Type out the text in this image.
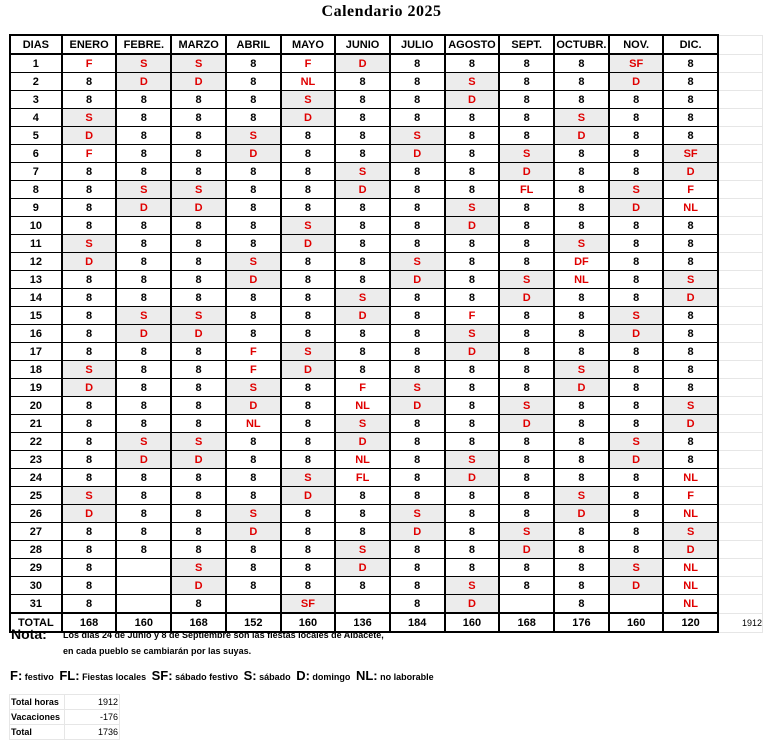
Calendario 2025
DIAS	ENERO	FEBRE.	MARZO	ABRIL	MAYO	JUNIO	JULIO	AGOSTO	SEPT.	OCTUBR.	NOV.	DIC.	
1	F	S	S	8	F	D	8	8	8	8	SF	8	
2	8	D	D	8	NL	8	8	S	8	8	D	8	
3	8	8	8	8	S	8	8	D	8	8	8	8	
4	S	8	8	8	D	8	8	8	8	S	8	8	
5	D	8	8	S	8	8	S	8	8	D	8	8	
6	F	8	8	D	8	8	D	8	S	8	8	SF	
7	8	8	8	8	8	S	8	8	D	8	8	D	
8	8	S	S	8	8	D	8	8	FL	8	S	F	
9	8	D	D	8	8	8	8	S	8	8	D	NL	
10	8	8	8	8	S	8	8	D	8	8	8	8	
11	S	8	8	8	D	8	8	8	8	S	8	8	
12	D	8	8	S	8	8	S	8	8	DF	8	8	
13	8	8	8	D	8	8	D	8	S	NL	8	S	
14	8	8	8	8	8	S	8	8	D	8	8	D	
15	8	S	S	8	8	D	8	F	8	8	S	8	
16	8	D	D	8	8	8	8	S	8	8	D	8	
17	8	8	8	F	S	8	8	D	8	8	8	8	
18	S	8	8	F	D	8	8	8	8	S	8	8	
19	D	8	8	S	8	F	S	8	8	D	8	8	
20	8	8	8	D	8	NL	D	8	S	8	8	S	
21	8	8	8	NL	8	S	8	8	D	8	8	D	
22	8	S	S	8	8	D	8	8	8	8	S	8	
23	8	D	D	8	8	NL	8	S	8	8	D	8	
24	8	8	8	8	S	FL	8	D	8	8	8	NL	
25	S	8	8	8	D	8	8	8	8	S	8	F	
26	D	8	8	S	8	8	S	8	8	D	8	NL	
27	8	8	8	D	8	8	D	8	S	8	8	S	
28	8	8	8	8	8	S	8	8	D	8	8	D	
29	8		S	8	8	D	8	8	8	8	S	NL	
30	8		D	8	8	8	8	S	8	8	D	NL	
31	8		8		SF		8	D		8		NL	
TOTAL	168	160	168	152	160	136	184	160	168	176	160	120	1912
Nota: Los días 24 de Junio y 8 de Septiembre son las fiestas locales de Albacete,
en cada pueblo se cambiarán por las suyas.
F: festivo FL: Fiestas locales SF: sábado festivo S: sábado D: domingo NL: no laborable
Total horas	1912
Vacaciones	-176
Total	1736
